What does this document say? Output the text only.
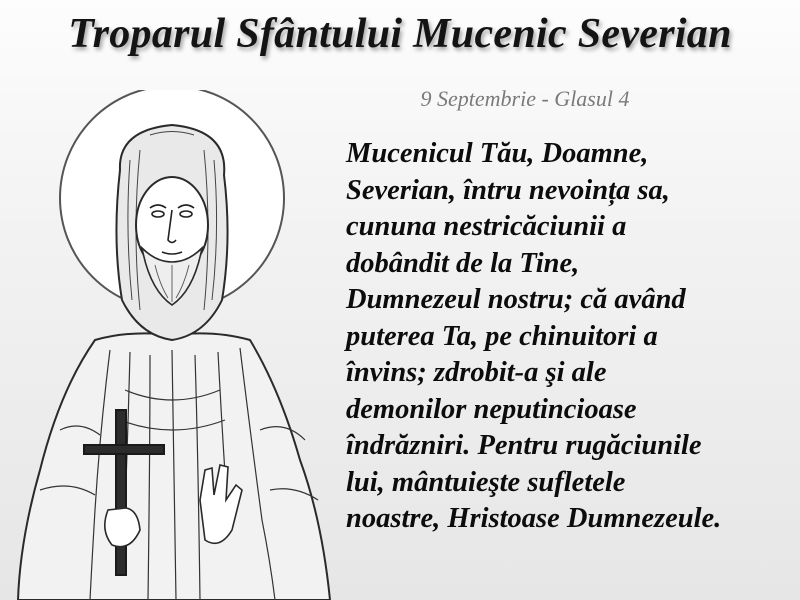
Troparul Sfântului Mucenic Severian
9 Septembrie - Glasul 4
Mucenicul Tău, Doamne,
Severian, întru nevoința sa,
cununa nestricăciunii a
dobândit de la Tine,
Dumnezeul nostru; că având
puterea Ta, pe chinuitori a
învins; zdrobit-a şi ale
demonilor neputincioase
îndrăzniri. Pentru rugăciunile
lui, mântuieşte sufletele
noastre, Hristoase Dumnezeule.
